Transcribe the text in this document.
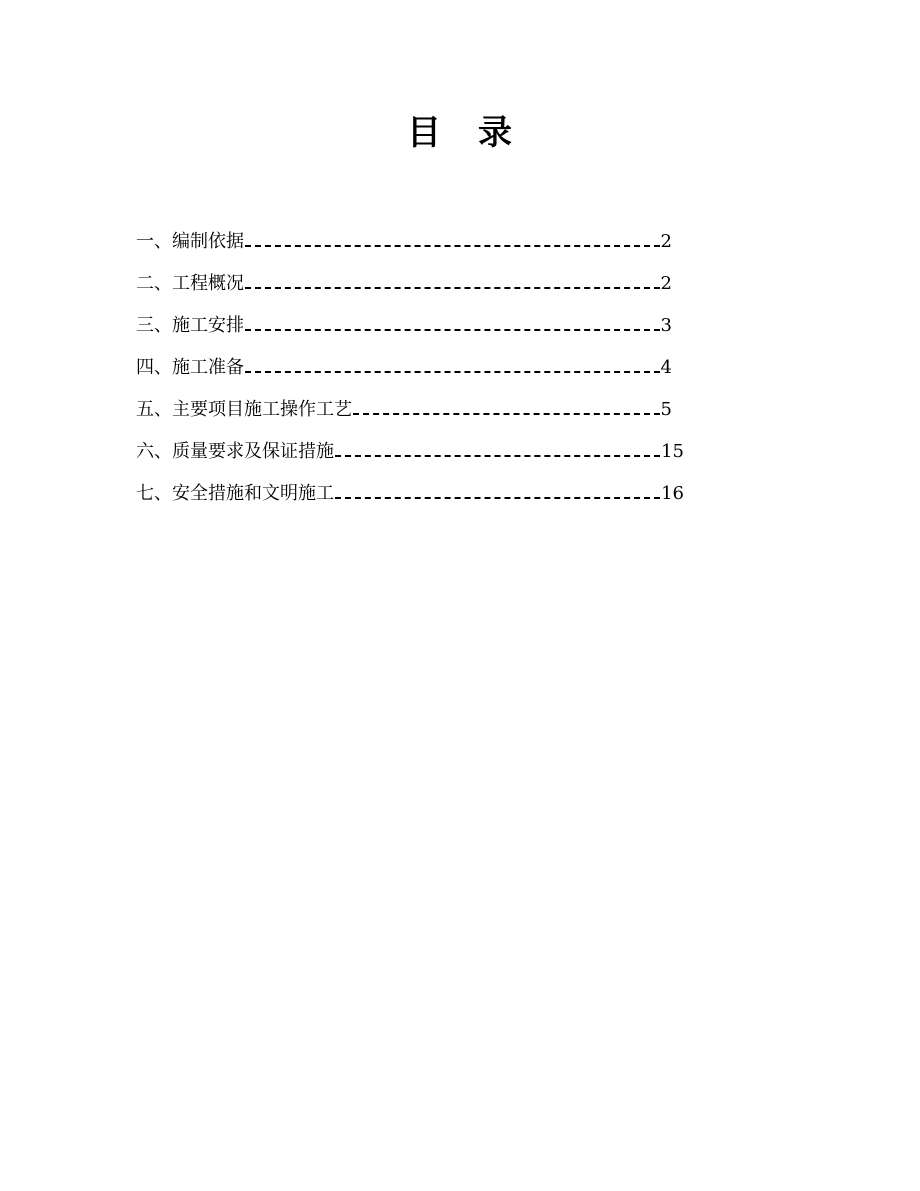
目 录
一、编制依据	2
二、工程概况	2
三、施工安排	3
四、施工准备	4
五、主要项目施工操作工艺	5
六、质量要求及保证措施	15
七、安全措施和文明施工	16
